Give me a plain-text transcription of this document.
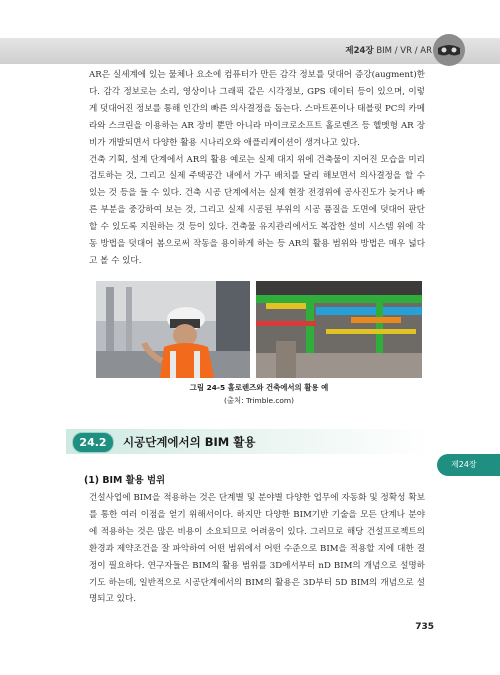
제24장 BIM / VR / AR

AR은 실세계에 있는 물체나 요소에 컴퓨터가 만든 감각 정보를 덧대어 증강(augment)한다. 감각 정보로는 소리, 영상이나 그래픽 같은 시각정보, GPS 데이터 등이 있으며, 이렇게 덧대어진 정보를 통해 인간의 빠른 의사결정을 돕는다. 스마트폰이나 태블릿 PC의 카메라와 스크린을 이용하는 AR 장비 뿐만 아니라 마이크로소프트 홀로렌즈 등 헬멧형 AR 장비가 개발되면서 다양한 활용 시나리오와 애플리케이션이 생겨나고 있다.

건축 기획, 설계 단계에서 AR의 활용 예로는 실제 대지 위에 건축물이 지어진 모습을 미리 검토하는 것, 그리고 실제 주택공간 내에서 가구 배치를 달리 해보면서 의사결정을 할 수 있는 것 등을 들 수 있다. 건축 시공 단계에서는 실제 현장 전경위에 공사진도가 늦거나 빠른 부분을 중강하여 보는 것, 그리고 실제 시공된 부위의 시공 품질을 도면에 덧대어 판단할 수 있도록 지원하는 것 등이 있다. 건축물 유지관리에서도 복잡한 설비 시스템 위에 작동 방법을 덧대어 봄으로써 작동을 용이하게 하는 등 AR의 활용 범위와 방법은 매우 넓다고 볼 수 있다.

그림 24-5 홀로렌즈와 건축에서의 활용 예
(출처: Trimble.com)
24.2	시공단계에서의 BIM 활용
제24장
(1) BIM 활용 범위

건설사업에 BIM을 적용하는 것은 단계별 및 분야별 다양한 업무에 자동화 및 정확성 확보를 통한 여러 이점을 얻기 위해서이다. 하지만 다양한 BIM기반 기술을 모든 단계나 분야에 적용하는 것은 많은 비용이 소요되므로 어려움이 있다. 그러므로 해당 건설프로젝트의 환경과 제약조건을 잘 파악하여 어떤 범위에서 어떤 수준으로 BIM을 적용할 지에 대한 결정이 필요하다. 연구자들은 BIM의 활용 범위를 3D에서부터 nD BIM의 개념으로 설명하기도 하는데, 일반적으로 시공단계에서의 BIM의 활용은 3D부터 5D BIM의 개념으로 설명되고 있다.

735
